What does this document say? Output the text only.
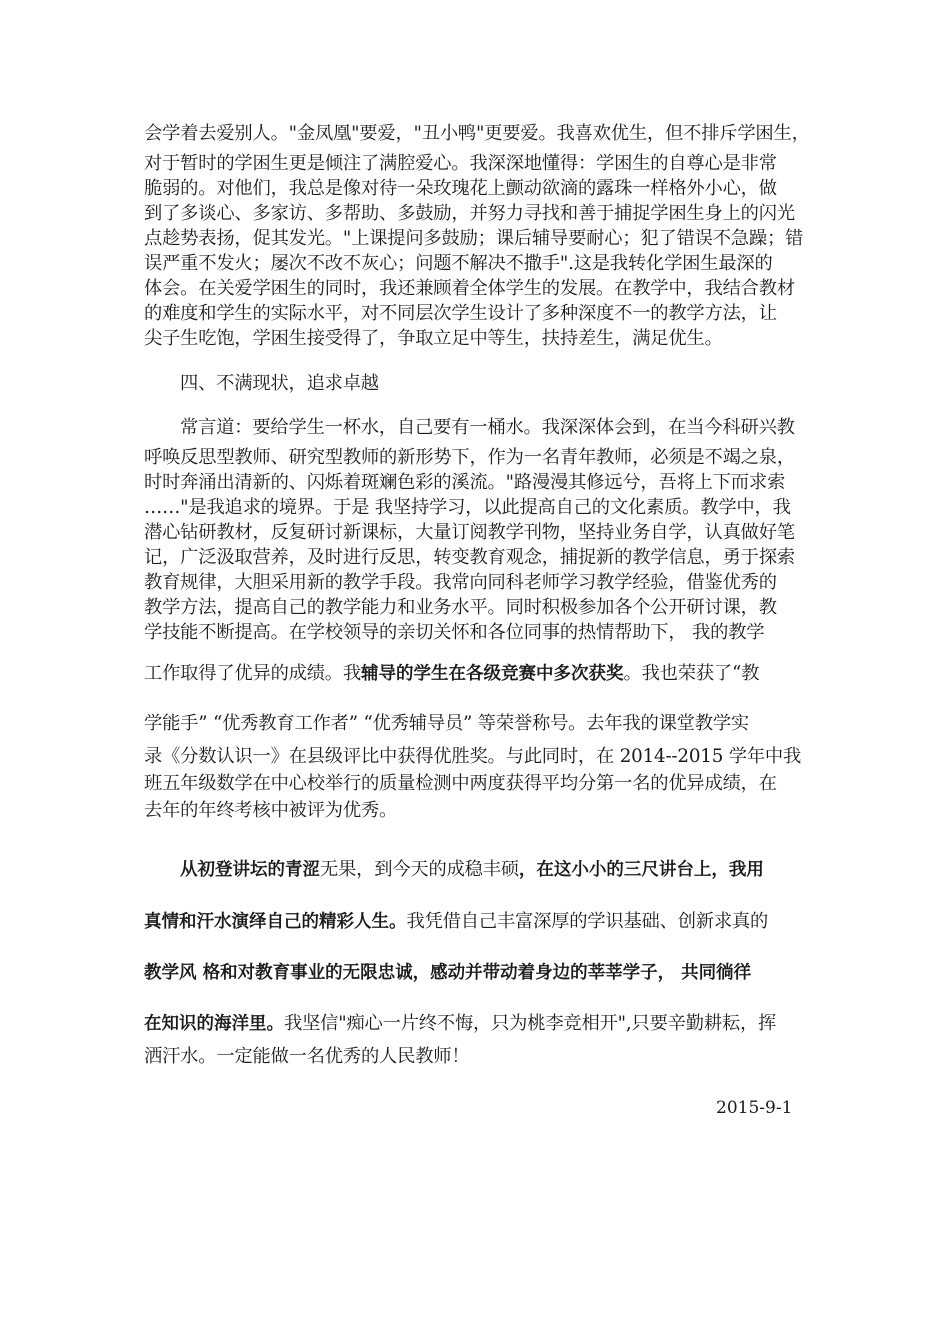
会学着去爱别人。"金凤凰"要爱，"丑小鸭"更要爱。我喜欢优生，但不排斥学困生，
对于暂时的学困生更是倾注了满腔爱心。我深深地懂得：学困生的自尊心是非常
脆弱的。对他们，我总是像对待一朵玫瑰花上颤动欲滴的露珠一样格外小心，做
到了多谈心、多家访、多帮助、多鼓励，并努力寻找和善于捕捉学困生身上的闪光
点趁势表扬，促其发光。"上课提问多鼓励；课后辅导要耐心；犯了错误不急躁；错
误严重不发火；屡次不改不灰心；问题不解决不撒手".这是我转化学困生最深的
体会。在关爱学困生的同时，我还兼顾着全体学生的发展。在教学中，我结合教材
的难度和学生的实际水平，对不同层次学生设计了多种深度不一的教学方法，让
尖子生吃饱，学困生接受得了，争取立足中等生，扶持差生，满足优生。
四、不满现状，追求卓越
常言道：要给学生一杯水，自己要有一桶水。我深深体会到，在当今科研兴教
呼唤反思型教师、研究型教师的新形势下，作为一名青年教师，必须是不竭之泉，
时时奔涌出清新的、闪烁着斑斓色彩的溪流。"路漫漫其修远兮，吾将上下而求索
……"是我追求的境界。于是 我坚持学习，以此提高自己的文化素质。教学中，我
潜心钻研教材，反复研讨新课标，大量订阅教学刊物，坚持业务自学，认真做好笔
记，广泛汲取营养，及时进行反思，转变教育观念，捕捉新的教学信息，勇于探索
教育规律，大胆采用新的教学手段。我常向同科老师学习教学经验，借鉴优秀的
教学方法，提高自己的教学能力和业务水平。同时积极参加各个公开研讨课，教
学技能不断提高。在学校领导的亲切关怀和各位同事的热情帮助下， 我的教学
工作取得了优异的成绩。我辅导的学生在各级竞赛中多次获奖。我也荣获了“教
学能手” “优秀教育工作者” “优秀辅导员” 等荣誉称号。去年我的课堂教学实
录《分数认识一》在县级评比中获得优胜奖。与此同时，在 2014--2015 学年中我
班五年级数学在中心校举行的质量检测中两度获得平均分第一名的优异成绩，在
去年的年终考核中被评为优秀。
从初登讲坛的青涩无果，到今天的成稳丰硕，在这小小的三尺讲台上，我用
真情和汗水演绎自己的精彩人生。我凭借自己丰富深厚的学识基础、创新求真的
教学风 格和对教育事业的无限忠诚，感动并带动着身边的莘莘学子， 共同徜徉
在知识的海洋里。我坚信"痴心一片终不悔，只为桃李竞相开",只要辛勤耕耘，挥
洒汗水。一定能做一名优秀的人民教师！
2015-9-1
